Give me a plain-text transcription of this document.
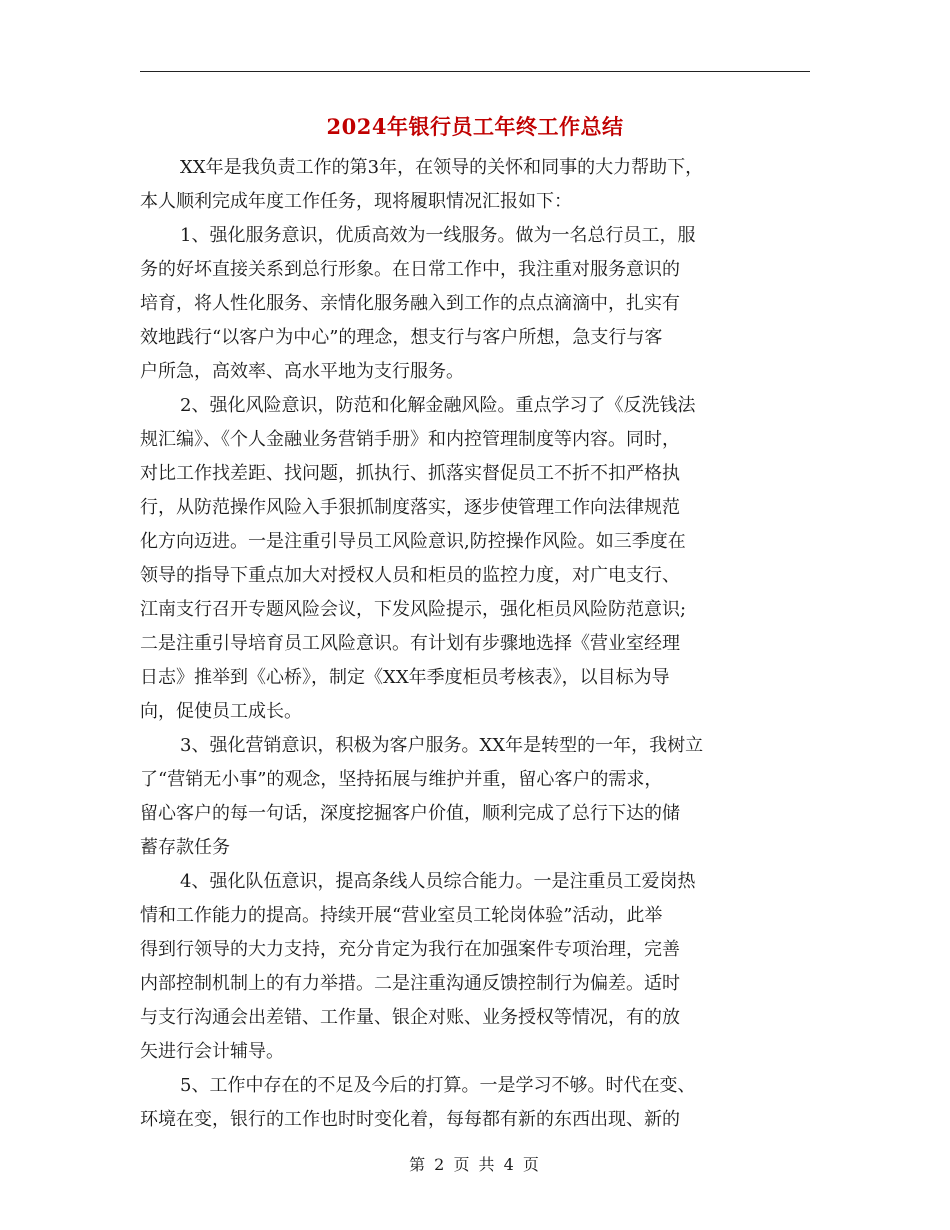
2024年银行员工年终工作总结

XX年是我负责工作的第3年，在领导的关怀和同事的大力帮助下，
本人顺利完成年度工作任务，现将履职情况汇报如下：

1、强化服务意识，优质高效为一线服务。做为一名总行员工，服
务的好坏直接关系到总行形象。在日常工作中，我注重对服务意识的
培育，将人性化服务、亲情化服务融入到工作的点点滴滴中，扎实有
效地践行“以客户为中心”的理念，想支行与客户所想，急支行与客
户所急，高效率、高水平地为支行服务。

2、强化风险意识，防范和化解金融风险。重点学习了《反洗钱法
规汇编》、《个人金融业务营销手册》和内控管理制度等内容。同时，
对比工作找差距、找问题，抓执行、抓落实督促员工不折不扣严格执
行，从防范操作风险入手狠抓制度落实，逐步使管理工作向法律规范
化方向迈进。一是注重引导员工风险意识,防控操作风险。如三季度在
领导的指导下重点加大对授权人员和柜员的监控力度，对广电支行、
江南支行召开专题风险会议，下发风险提示，强化柜员风险防范意识;
二是注重引导培育员工风险意识。有计划有步骤地选择《营业室经理
日志》推举到《心桥》，制定《XX年季度柜员考核表》，以目标为导
向，促使员工成长。

3、强化营销意识，积极为客户服务。XX年是转型的一年，我树立
了“营销无小事”的观念，坚持拓展与维护并重，留心客户的需求，
留心客户的每一句话，深度挖掘客户价值，顺利完成了总行下达的储
蓄存款任务

4、强化队伍意识，提高条线人员综合能力。一是注重员工爱岗热
情和工作能力的提高。持续开展“营业室员工轮岗体验”活动，此举
得到行领导的大力支持，充分肯定为我行在加强案件专项治理，完善
内部控制机制上的有力举措。二是注重沟通反馈控制行为偏差。适时
与支行沟通会出差错、工作量、银企对账、业务授权等情况，有的放
矢进行会计辅导。

5、工作中存在的不足及今后的打算。一是学习不够。时代在变、
环境在变，银行的工作也时时变化着，每每都有新的东西出现、新的

第 2 页 共 4 页
